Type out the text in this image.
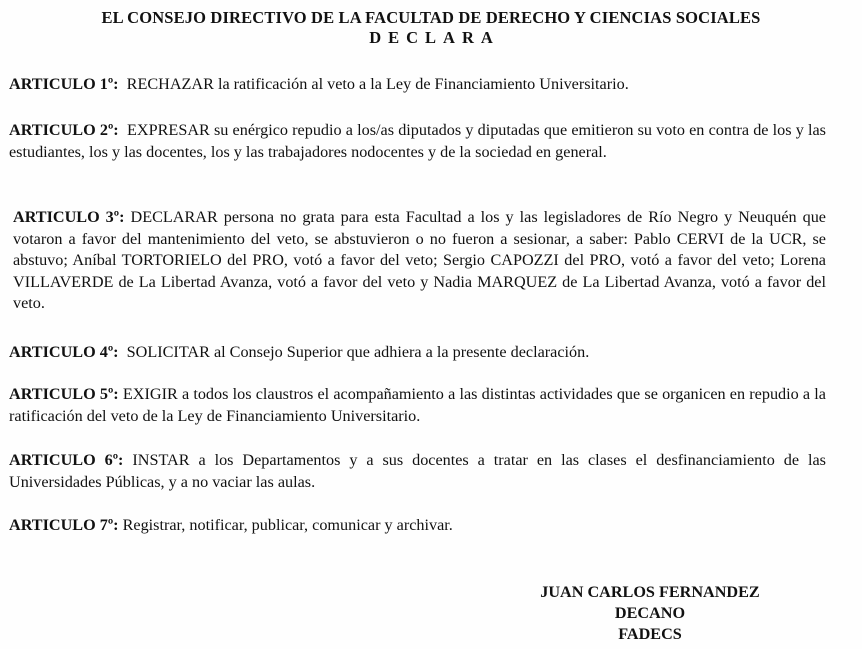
EL CONSEJO DIRECTIVO DE LA FACULTAD DE DERECHO Y CIENCIAS SOCIALES
DECLARA

ARTICULO 1º: RECHAZAR la ratificación al veto a la Ley de Financiamiento Universitario.

ARTICULO 2º: EXPRESAR su enérgico repudio a los/as diputados y diputadas que emitieron su voto en contra de los y las estudiantes, los y las docentes, los y las trabajadores nodocentes y de la sociedad en general.

ARTICULO 3º: DECLARAR persona no grata para esta Facultad a los y las legisladores de Río Negro y Neuquén que votaron a favor del mantenimiento del veto, se abstuvieron o no fueron a sesionar, a saber: Pablo CERVI de la UCR, se abstuvo; Aníbal TORTORIELO del PRO, votó a favor del veto; Sergio CAPOZZI del PRO, votó a favor del veto; Lorena VILLAVERDE de La Libertad Avanza, votó a favor del veto y Nadia MARQUEZ de La Libertad Avanza, votó a favor del veto.

ARTICULO 4º: SOLICITAR al Consejo Superior que adhiera a la presente declaración.

ARTICULO 5º: EXIGIR a todos los claustros el acompañamiento a las distintas actividades que se organicen en repudio a la ratificación del veto de la Ley de Financiamiento Universitario.

ARTICULO 6º: INSTAR a los Departamentos y a sus docentes a tratar en las clases el desfinanciamiento de las Universidades Públicas, y a no vaciar las aulas.

ARTICULO 7º: Registrar, notificar, publicar, comunicar y archivar.

JUAN CARLOS FERNANDEZ
DECANO
FADECS
